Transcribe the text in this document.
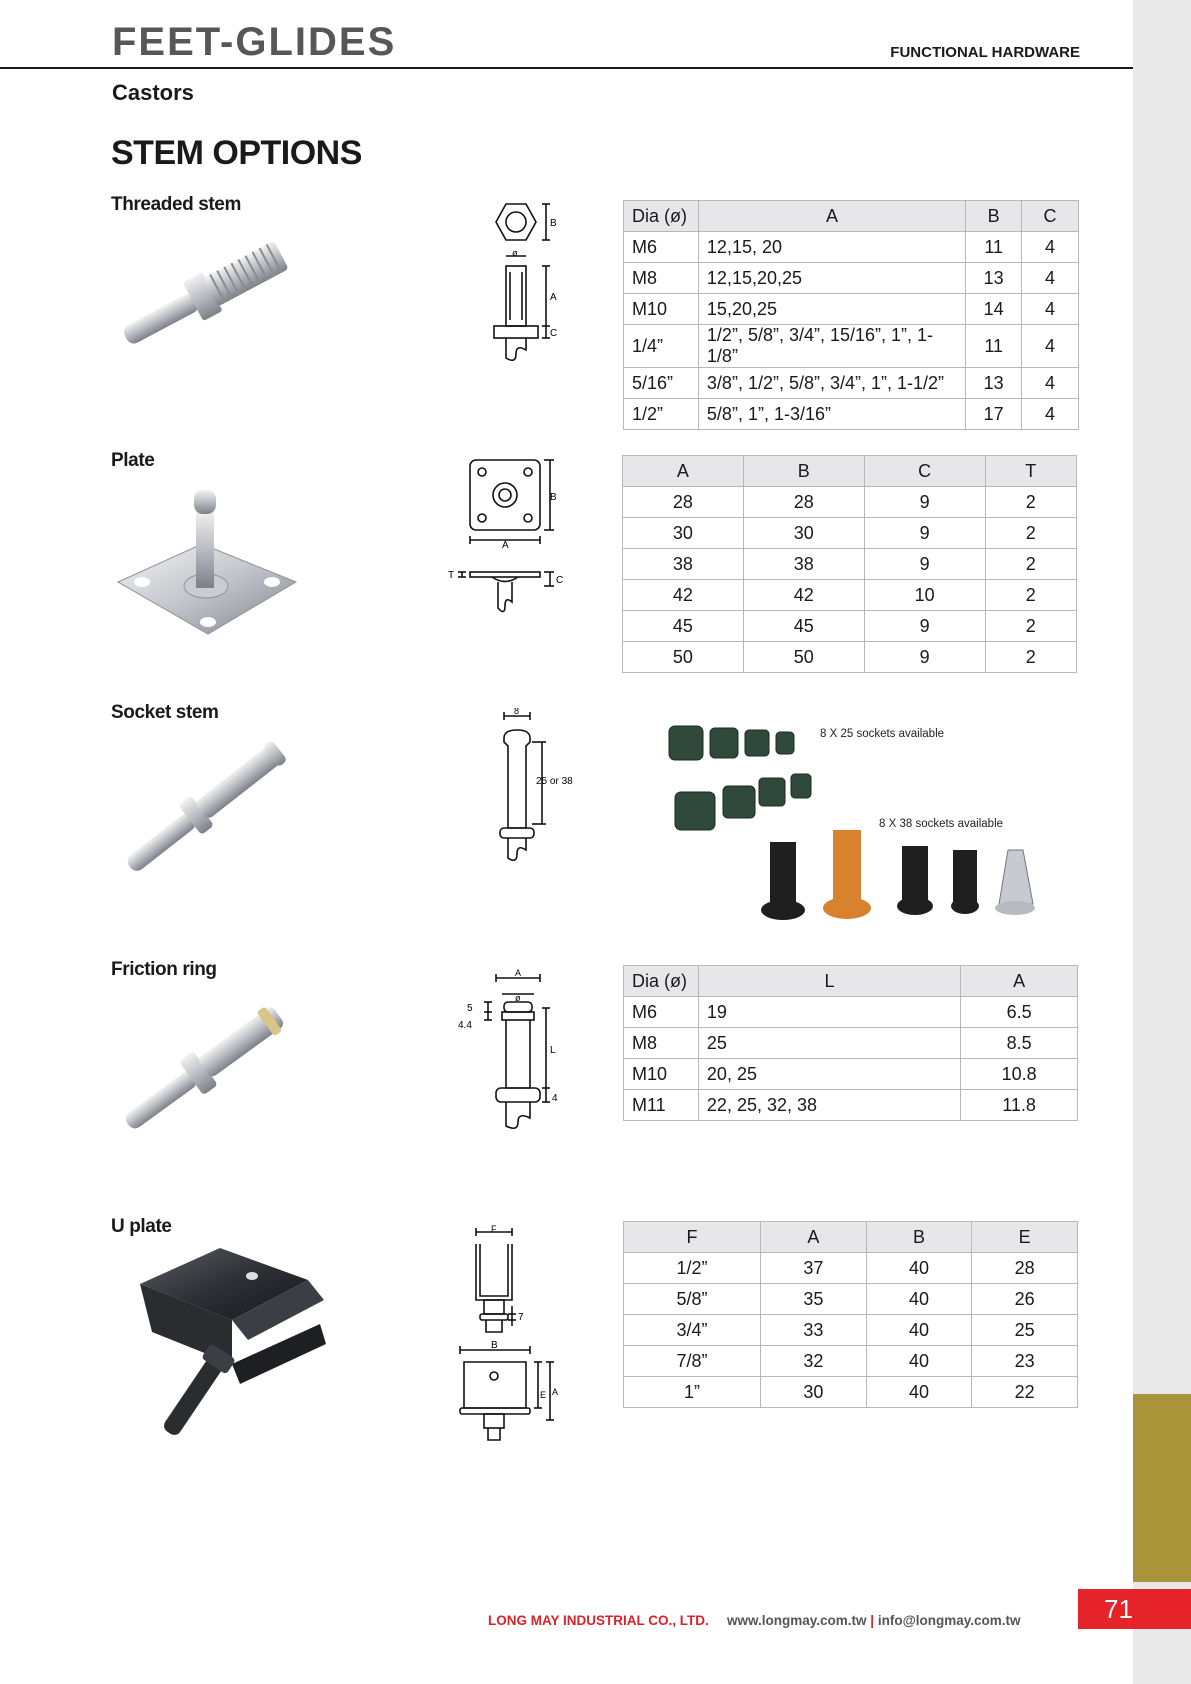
71
FEET-GLIDES	FUNCTIONAL HARDWARE
Castors
STEM OPTIONS
Threaded stem
B
ø
A
C
Dia (ø)	A	B	C
M6	12,15, 20	11	4
M8	12,15,20,25	13	4
M10	15,20,25	14	4
1/4”	1/2”, 5/8”, 3/4”, 15/16”, 1”, 1-1/8”	11	4
5/16”	3/8”, 1/2”, 5/8”, 3/4”, 1”, 1-1/2”	13	4
1/2”	5/8”, 1”, 1-3/16”	17	4
Plate
B
A
T	C
A	B	C	T
28	28	9	2
30	30	9	2
38	38	9	2
42	42	10	2
45	45	9	2
50	50	9	2
Socket stem	8
25 or 38
8 X 25 sockets available
8 X 38 sockets available
Friction ring	A
ø
5
4.4
L
4
Dia (ø)	L	A
M6	19	6.5
M8	25	8.5
M10	20, 25	10.8
M11	22, 25, 32, 38	11.8
U plate	F
7
B
E A
F	A	B	E
1/2”	37	40	28
5/8”	35	40	26
3/4”	33	40	25
7/8”	32	40	23
1”	30	40	22
LONG MAY INDUSTRIAL CO., LTD. www.longmay.com.tw | info@longmay.com.tw
